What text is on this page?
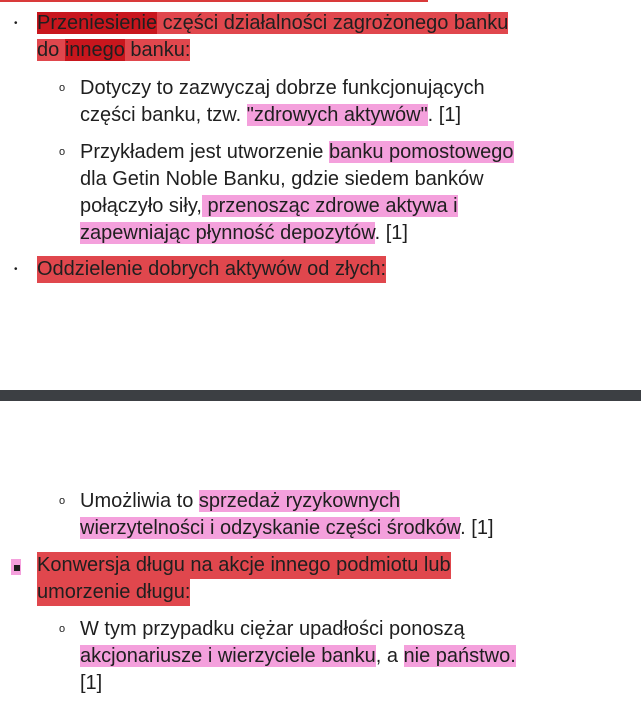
• Przeniesienie części działalności zagrożonego banku
do innego banku:
o Dotyczy to zazwyczaj dobrze funkcjonujących
części banku, tzw. "zdrowych aktywów". [1]
o Przykładem jest utworzenie banku pomostowego
dla Getin Noble Banku, gdzie siedem banków
połączyło siły, przenosząc zdrowe aktywa i
zapewniając płynność depozytów. [1]
• Oddzielenie dobrych aktywów od złych:
o Umożliwia to sprzedaż ryzykownych
wierzytelności i odzyskanie części środków. [1]
Konwersja długu na akcje innego podmiotu lub
umorzenie długu:
o W tym przypadku ciężar upadłości ponoszą
akcjonariusze i wierzyciele banku, a nie państwo.
[1]
